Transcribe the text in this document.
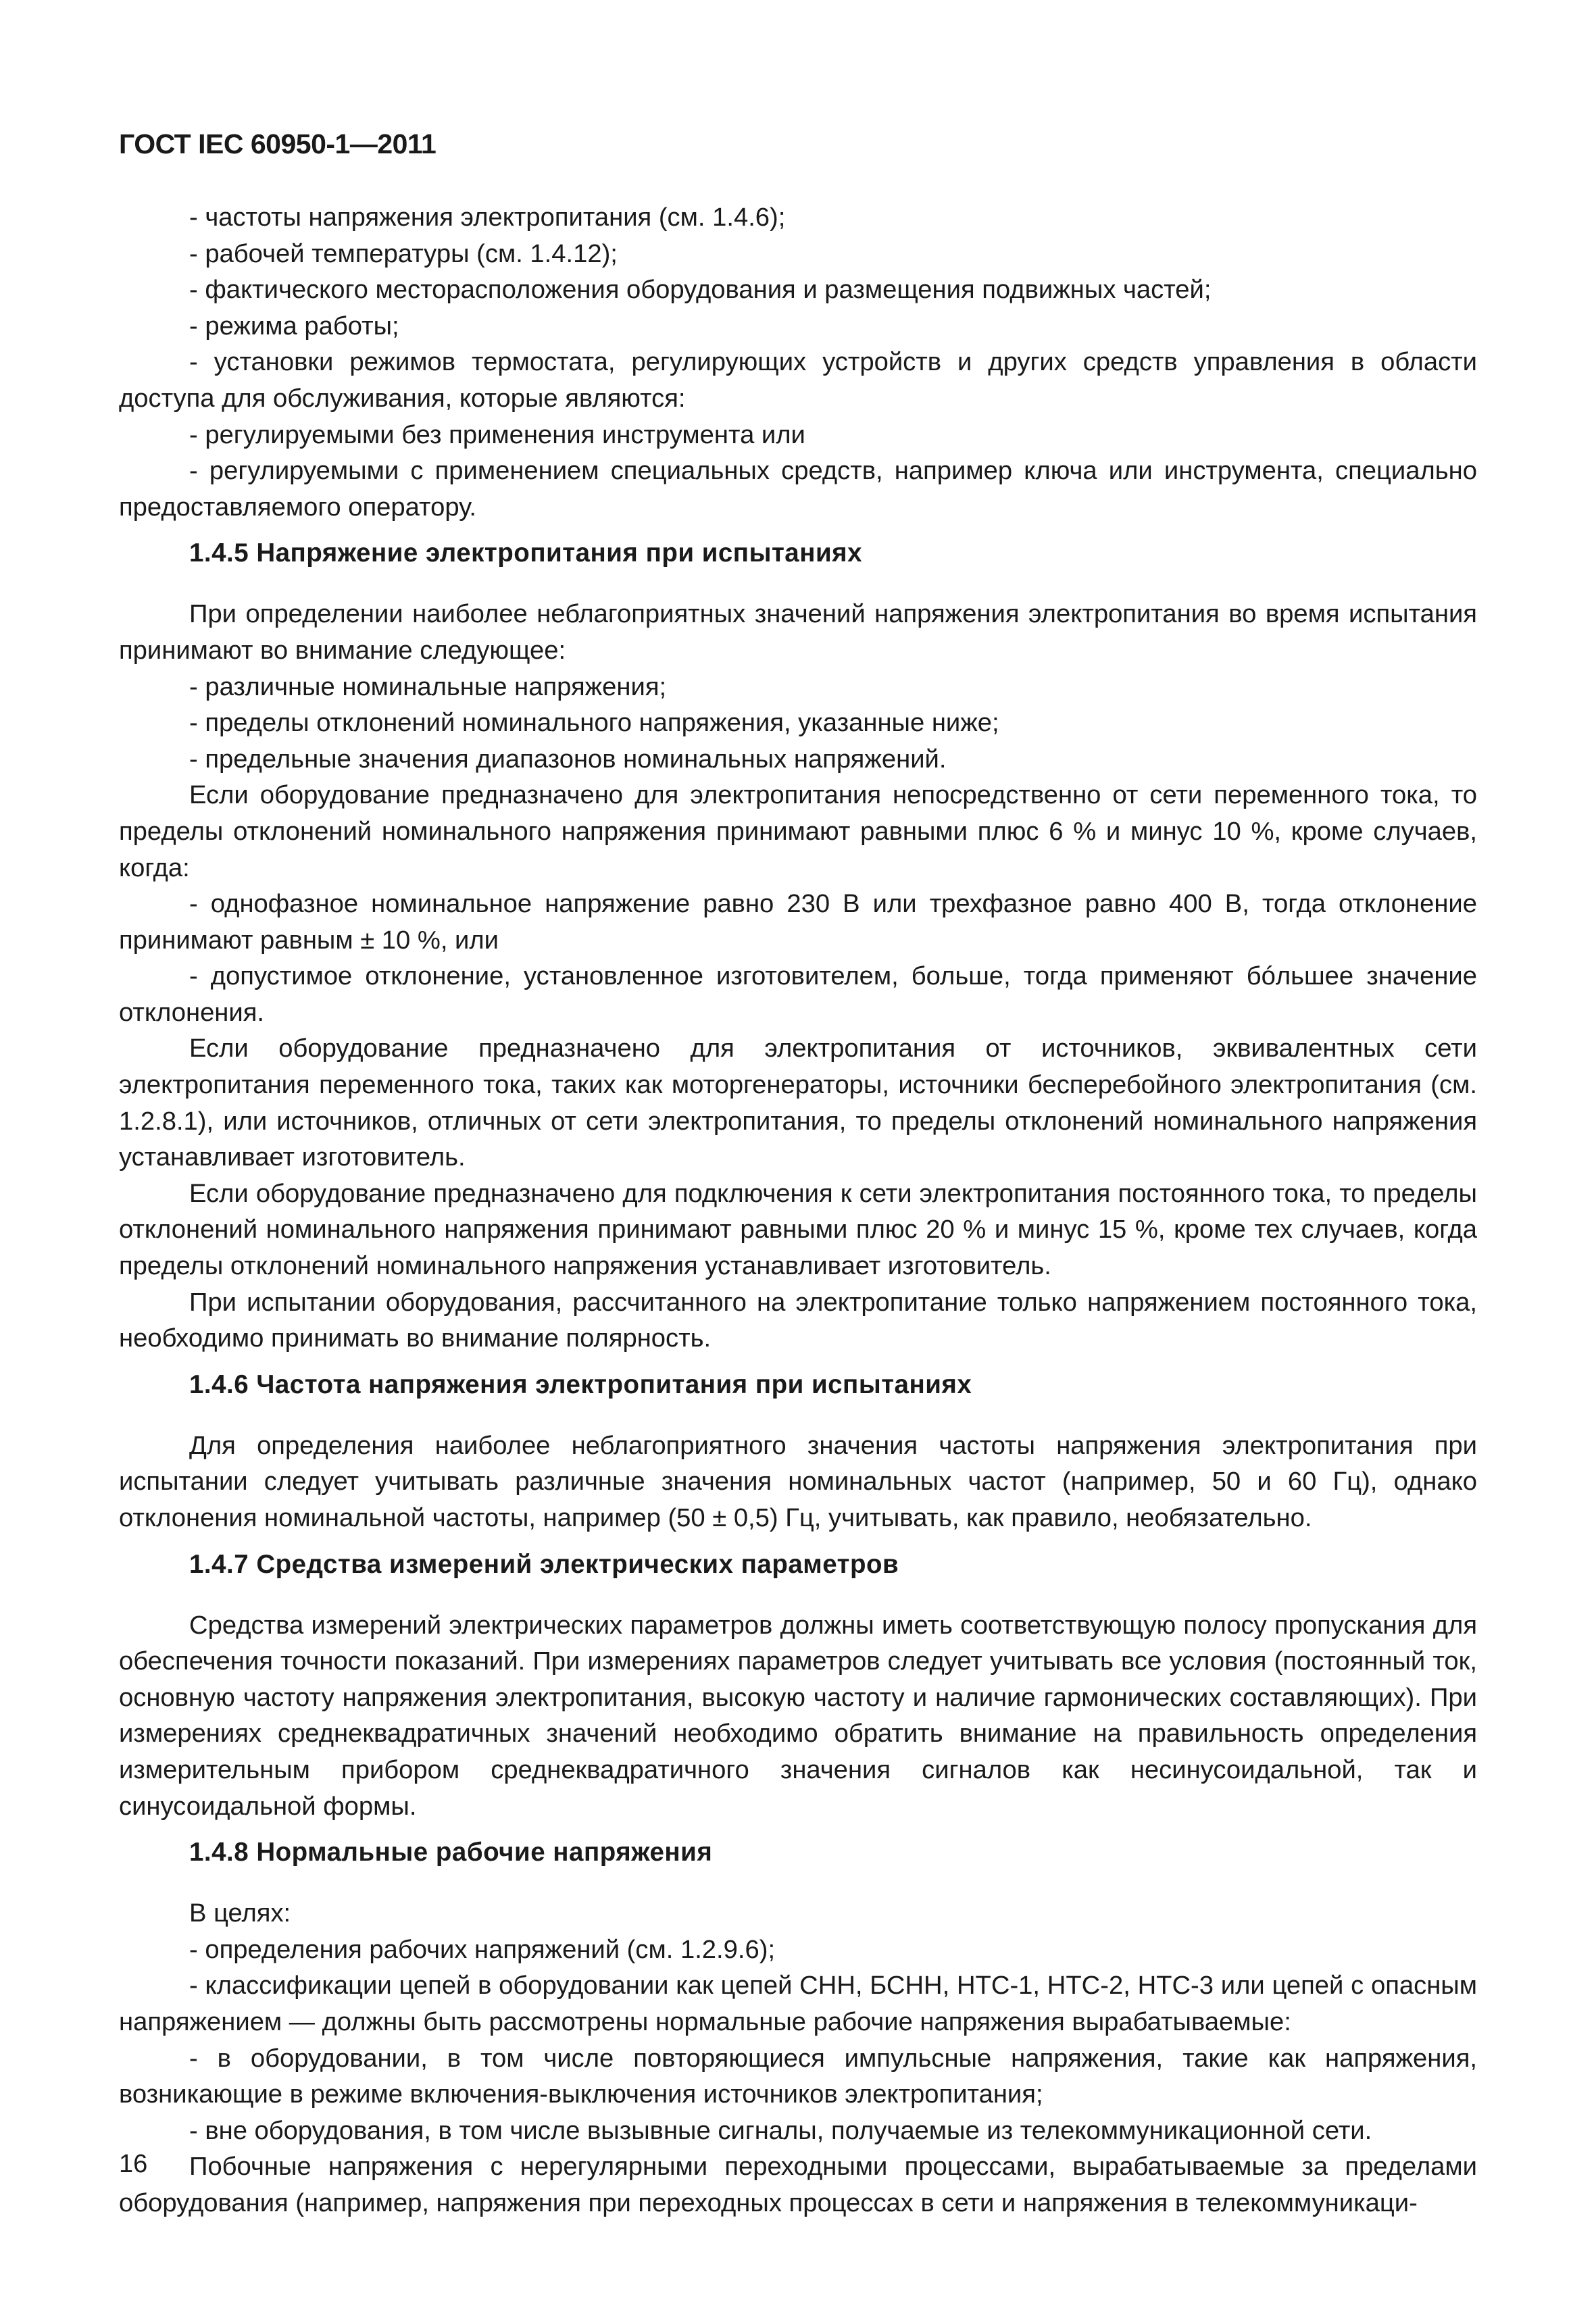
ГОСТ IEC 60950-1—2011

- частоты напряжения электропитания (см. 1.4.6);

- рабочей температуры (см. 1.4.12);

- фактического месторасположения оборудования и размещения подвижных частей;

- режима работы;

- установки режимов термостата, регулирующих устройств и других средств управления в области доступа для обслуживания, которые являются:

- регулируемыми без применения инструмента или

- регулируемыми с применением специальных средств, например ключа или инструмента, специально предоставляемого оператору.

1.4.5 Напряжение электропитания при испытаниях

При определении наиболее неблагоприятных значений напряжения электропитания во время испытания принимают во внимание следующее:

- различные номинальные напряжения;

- пределы отклонений номинального напряжения, указанные ниже;

- предельные значения диапазонов номинальных напряжений.

Если оборудование предназначено для электропитания непосредственно от сети переменного тока, то пределы отклонений номинального напряжения принимают равными плюс 6 % и минус 10 %, кроме случаев, когда:

- однофазное номинальное напряжение равно 230 В или трехфазное равно 400 В, тогда отклонение принимают равным ± 10 %, или

- допустимое отклонение, установленное изготовителем, больше, тогда применяют бóльшее значение отклонения.

Если оборудование предназначено для электропитания от источников, эквивалентных сети электропитания переменного тока, таких как моторгенераторы, источники бесперебойного электропитания (см. 1.2.8.1), или источников, отличных от сети электропитания, то пределы отклонений номинального напряжения устанавливает изготовитель.

Если оборудование предназначено для подключения к сети электропитания постоянного тока, то пределы отклонений номинального напряжения принимают равными плюс 20 % и минус 15 %, кроме тех случаев, когда пределы отклонений номинального напряжения устанавливает изготовитель.

При испытании оборудования, рассчитанного на электропитание только напряжением постоянного тока, необходимо принимать во внимание полярность.

1.4.6 Частота напряжения электропитания при испытаниях

Для определения наиболее неблагоприятного значения частоты напряжения электропитания при испытании следует учитывать различные значения номинальных частот (например, 50 и 60 Гц), однако отклонения номинальной частоты, например (50 ± 0,5) Гц, учитывать, как правило, необязательно.

1.4.7 Средства измерений электрических параметров

Средства измерений электрических параметров должны иметь соответствующую полосу пропускания для обеспечения точности показаний. При измерениях параметров следует учитывать все условия (постоянный ток, основную частоту напряжения электропитания, высокую частоту и наличие гармонических составляющих). При измерениях среднеквадратичных значений необходимо обратить внимание на правильность определения измерительным прибором среднеквадратичного значения сигналов как несинусоидальной, так и синусоидальной формы.

1.4.8 Нормальные рабочие напряжения

В целях:

- определения рабочих напряжений (см. 1.2.9.6);

- классификации цепей в оборудовании как цепей СНН, БСНН, НТС-1, НТС-2, НТС-3 или цепей с опасным напряжением — должны быть рассмотрены нормальные рабочие напряжения вырабатываемые:

- в оборудовании, в том числе повторяющиеся импульсные напряжения, такие как напряжения, возникающие в режиме включения-выключения источников электропитания;

- вне оборудования, в том числе вызывные сигналы, получаемые из телекоммуникационной сети.

Побочные напряжения с нерегулярными переходными процессами, вырабатываемые за пределами оборудования (например, напряжения при переходных процессах в сети и напряжения в телекоммуникаци-

16
